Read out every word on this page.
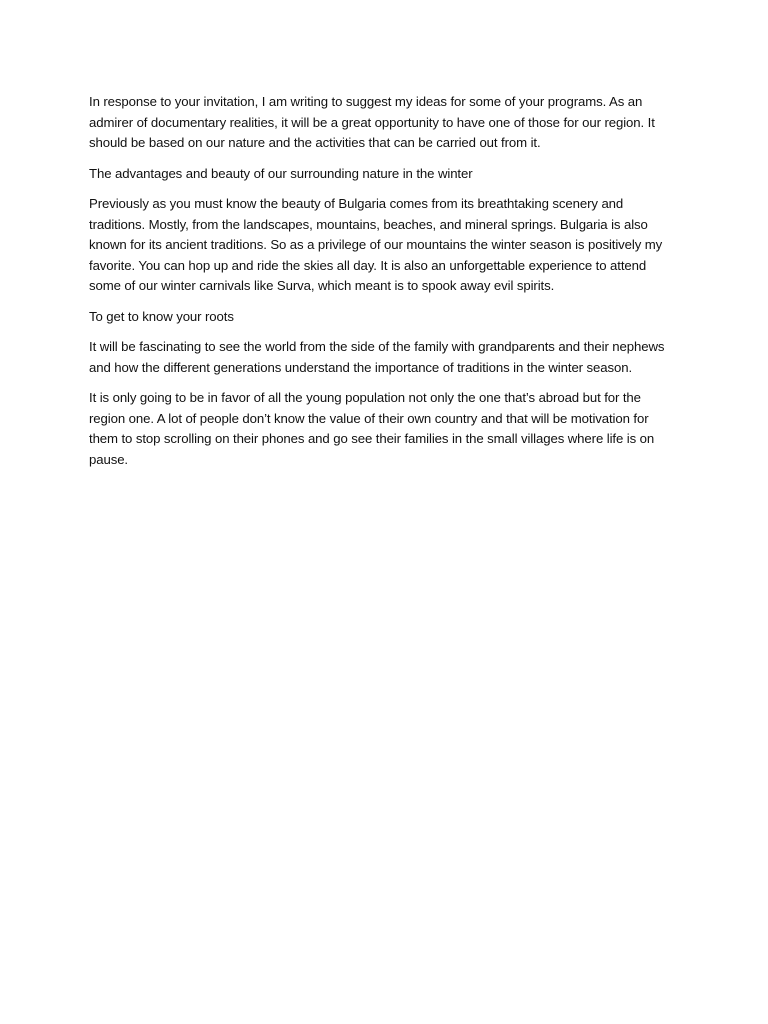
In response to your invitation, I am writing to suggest my ideas for some of your programs. As an admirer of documentary realities, it will be a great opportunity to have one of those for our region. It should be based on our nature and the activities that can be carried out from it.

The advantages and beauty of our surrounding nature in the winter

Previously as you must know the beauty of Bulgaria comes from its breathtaking scenery and traditions. Mostly, from the landscapes, mountains, beaches, and mineral springs. Bulgaria is also known for its ancient traditions. So as a privilege of our mountains the winter season is positively my favorite. You can hop up and ride the skies all day. It is also an unforgettable experience to attend some of our winter carnivals like Surva, which meant is to spook away evil spirits.

To get to know your roots

It will be fascinating to see the world from the side of the family with grandparents and their nephews and how the different generations understand the importance of traditions in the winter season.

It is only going to be in favor of all the young population not only the one that’s abroad but for the region one. A lot of people don’t know the value of their own country and that will be motivation for them to stop scrolling on their phones and go see their families in the small villages where life is on pause.
